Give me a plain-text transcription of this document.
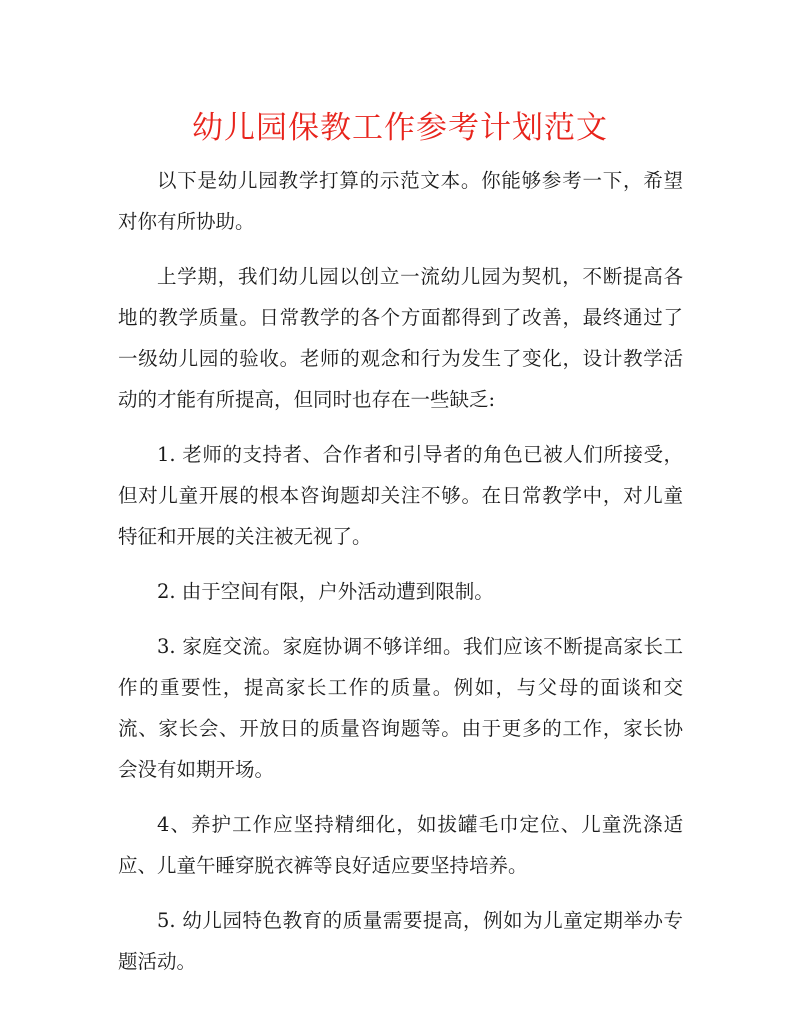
幼儿园保教工作参考计划范文

以下是幼儿园教学打算的示范文本。你能够参考一下，希望对你有所协助。

上学期，我们幼儿园以创立一流幼儿园为契机，不断提高各地的教学质量。日常教学的各个方面都得到了改善，最终通过了一级幼儿园的验收。老师的观念和行为发生了变化，设计教学活动的才能有所提高，但同时也存在一些缺乏:

1. 老师的支持者、合作者和引导者的角色已被人们所接受，但对儿童开展的根本咨询题却关注不够。在日常教学中，对儿童特征和开展的关注被无视了。

2. 由于空间有限，户外活动遭到限制。

3. 家庭交流。家庭协调不够详细。我们应该不断提高家长工作的重要性，提高家长工作的质量。例如，与父母的面谈和交流、家长会、开放日的质量咨询题等。由于更多的工作，家长协会没有如期开场。

4、养护工作应坚持精细化，如拔罐毛巾定位、儿童洗涤适应、儿童午睡穿脱衣裤等良好适应要坚持培养。

5. 幼儿园特色教育的质量需要提高，例如为儿童定期举办专题活动。
